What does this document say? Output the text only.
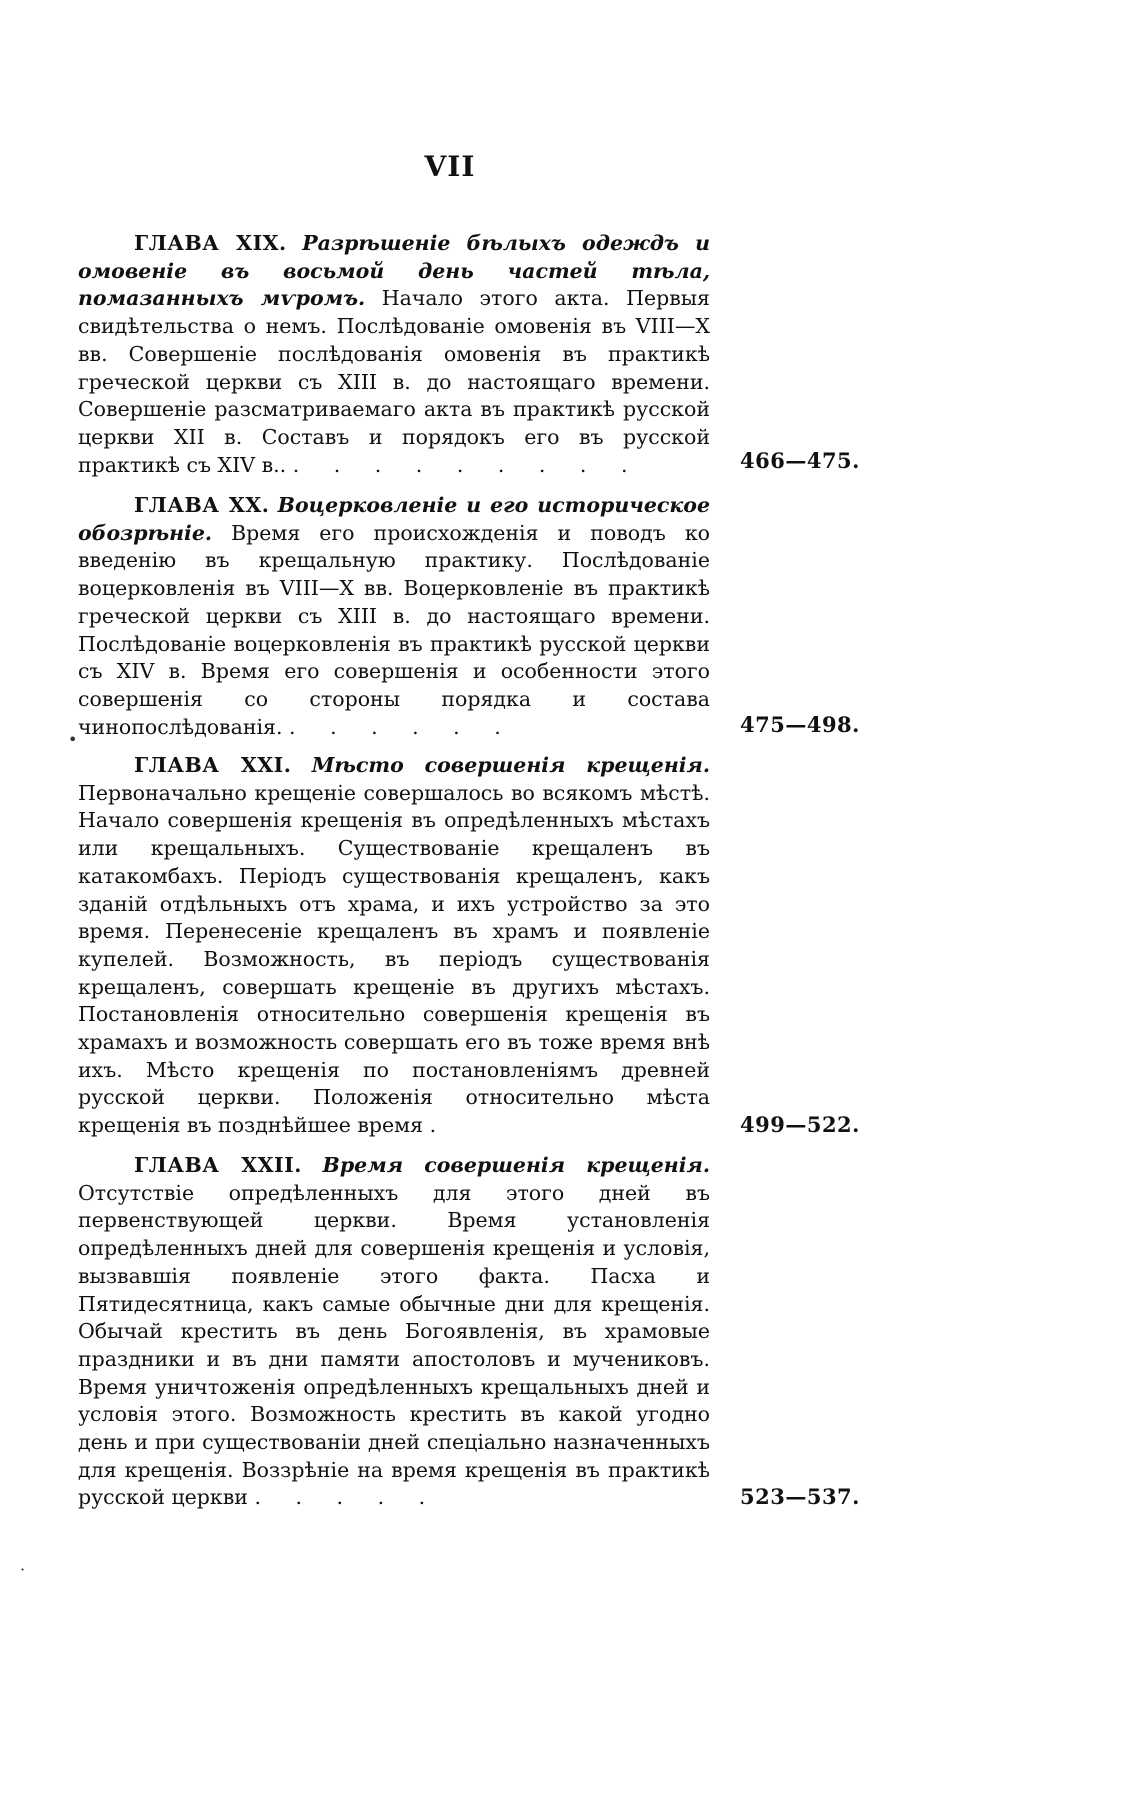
VII

ГЛАВА XIX. Разрѣшеніе бѣлыхъ одеждъ и омовеніе въ восьмой день частей тѣла, помазанныхъ мѵромъ. Начало этого акта. Первыя свидѣтельства о немъ. Послѣдованіе омовенія въ VIII—X вв. Совершеніе послѣдованія омовенія въ практикѣ греческой церкви съ XIII в. до настоящаго времени. Совершеніе разсматриваемаго акта въ практикѣ русской церкви XII в. Составъ и порядокъ его въ русской практикѣ съ XIV в.. . . . . . . . . .	466—475.

ГЛАВА XX. Воцерковленіе и его историческое обозрѣніе. Время его происхожденія и поводъ ко введенію въ крещальную практику. Послѣдованіе воцерковленія въ VIII—X вв. Воцерковленіе въ практикѣ греческой церкви съ XIII в. до настоящаго времени. Послѣдованіе воцерковленія въ практикѣ русской церкви съ XIV в. Время его совершенія и особенности этого совершенія со стороны порядка и состава чинопослѣдованія. . . . . . .	475—498.

ГЛАВА XXI. Мѣсто совершенія крещенія. Первоначально крещеніе совершалось во всякомъ мѣстѣ. Начало совершенія крещенія въ опредѣленныхъ мѣстахъ или крещальныхъ. Существованіе крещаленъ въ катакомбахъ. Періодъ существованія крещаленъ, какъ зданій отдѣльныхъ отъ храма, и ихъ устройство за это время. Перенесеніе крещаленъ въ храмъ и появленіе купелей. Возможность, въ періодъ существованія крещаленъ, совершать крещеніе въ другихъ мѣстахъ. Постановленія относительно совершенія крещенія въ храмахъ и возможность совершать его въ тоже время внѣ ихъ. Мѣсто крещенія по постановленіямъ древней русской церкви. Положенія относительно мѣста крещенія въ позднѣйшее время .	499—522.

ГЛАВА XXII. Время совершенія крещенія. Отсутствіе опредѣленныхъ для этого дней въ первенствующей церкви. Время установленія опредѣленныхъ дней для совершенія крещенія и условія, вызвавшія появленіе этого факта. Пасха и Пятидесятница, какъ самые обычные дни для крещенія. Обычай крестить въ день Богоявленія, въ храмовые праздники и въ дни памяти апостоловъ и мучениковъ. Время уничтоженія опредѣленныхъ крещальныхъ дней и условія этого. Возможность крестить въ какой угодно день и при существованіи дней спеціально назначенныхъ для крещенія. Воззрѣніе на время крещенія въ практикѣ русской церкви . . . . .	523—537.
•
·
